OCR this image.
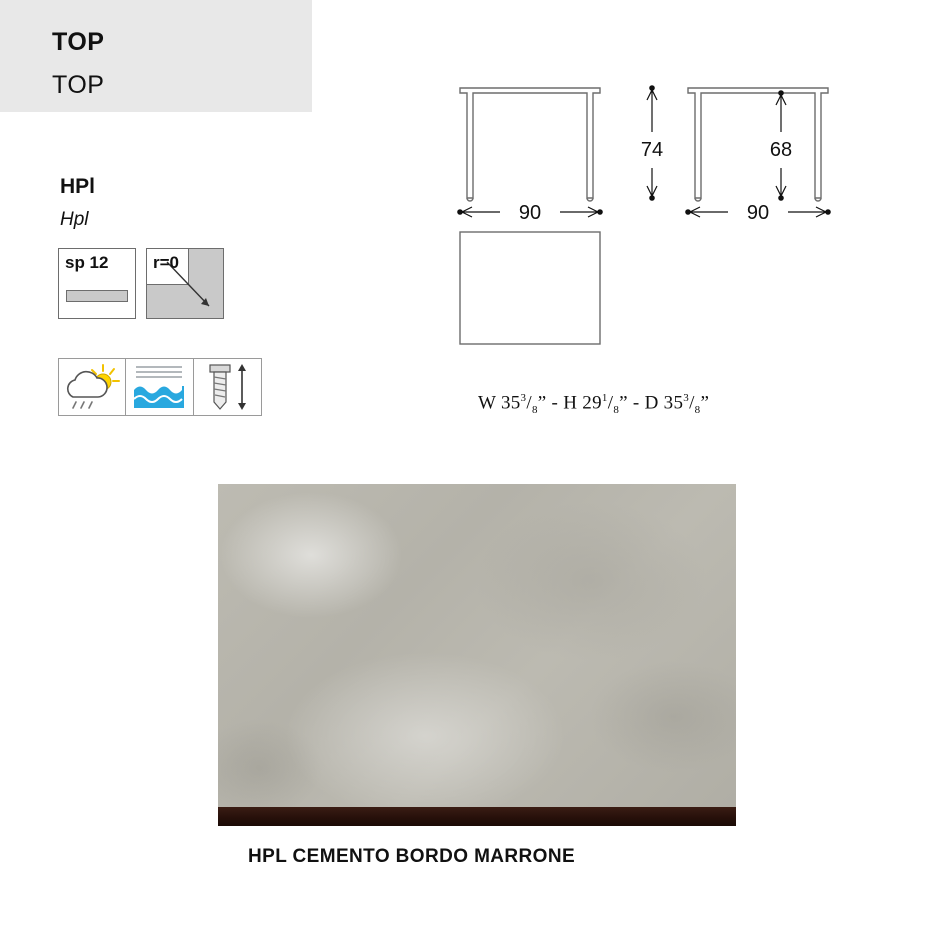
TOP
TOP
HPl
Hpl
sp 12	r=0
90
74	68
90
W $35^3/_8$” - H $29^1/_8$” - D $35^3/_8$”
HPL CEMENTO BORDO MARRONE
